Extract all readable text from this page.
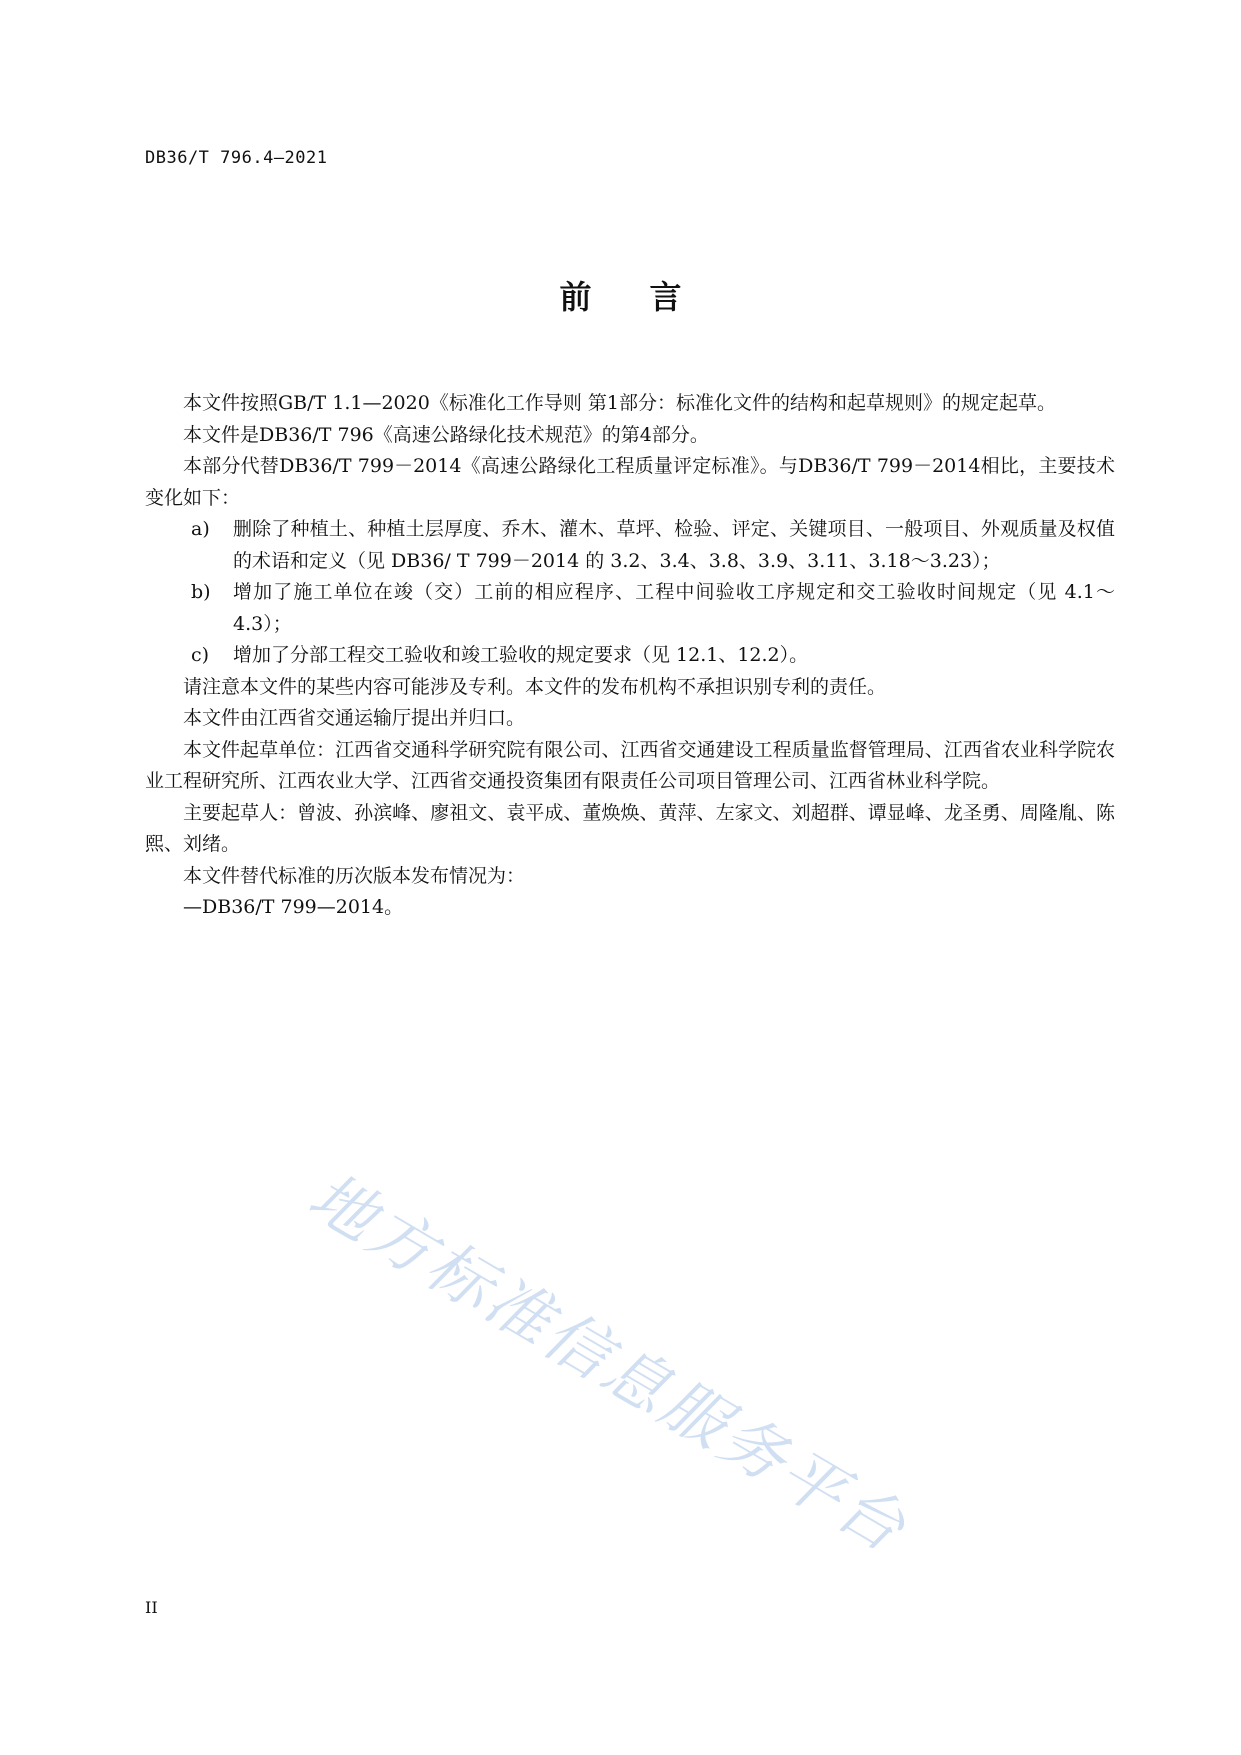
DB36/T 796.4—2021
前言

本文件按照GB/T 1.1—2020《标准化工作导则 第1部分：标准化文件的结构和起草规则》的规定起草。

本文件是DB36/T 796《高速公路绿化技术规范》的第4部分。

本部分代替DB36/T 799－2014《高速公路绿化工程质量评定标准》。与DB36/T 799－2014相比，主要技术变化如下：

a)	删除了种植土、种植土层厚度、乔木、灌木、草坪、检验、评定、关键项目、一般项目、外观质量及权值的术语和定义（见 DB36/ T 799－2014 的 3.2、3.4、3.8、3.9、3.11、3.18～3.23）；
b)	增加了施工单位在竣（交）工前的相应程序、工程中间验收工序规定和交工验收时间规定（见 4.1～4.3）；
c)	增加了分部工程交工验收和竣工验收的规定要求（见 12.1、12.2）。

请注意本文件的某些内容可能涉及专利。本文件的发布机构不承担识别专利的责任。

本文件由江西省交通运输厅提出并归口。

本文件起草单位：江西省交通科学研究院有限公司、江西省交通建设工程质量监督管理局、江西省农业科学院农业工程研究所、江西农业大学、江西省交通投资集团有限责任公司项目管理公司、江西省林业科学院。

主要起草人：曾波、孙滨峰、廖祖文、袁平成、董焕焕、黄萍、左家文、刘超群、谭显峰、龙圣勇、周隆胤、陈熙、刘绪。

本文件替代标准的历次版本发布情况为：

—DB36/T 799—2014。

地方标准信息服务平台
II
